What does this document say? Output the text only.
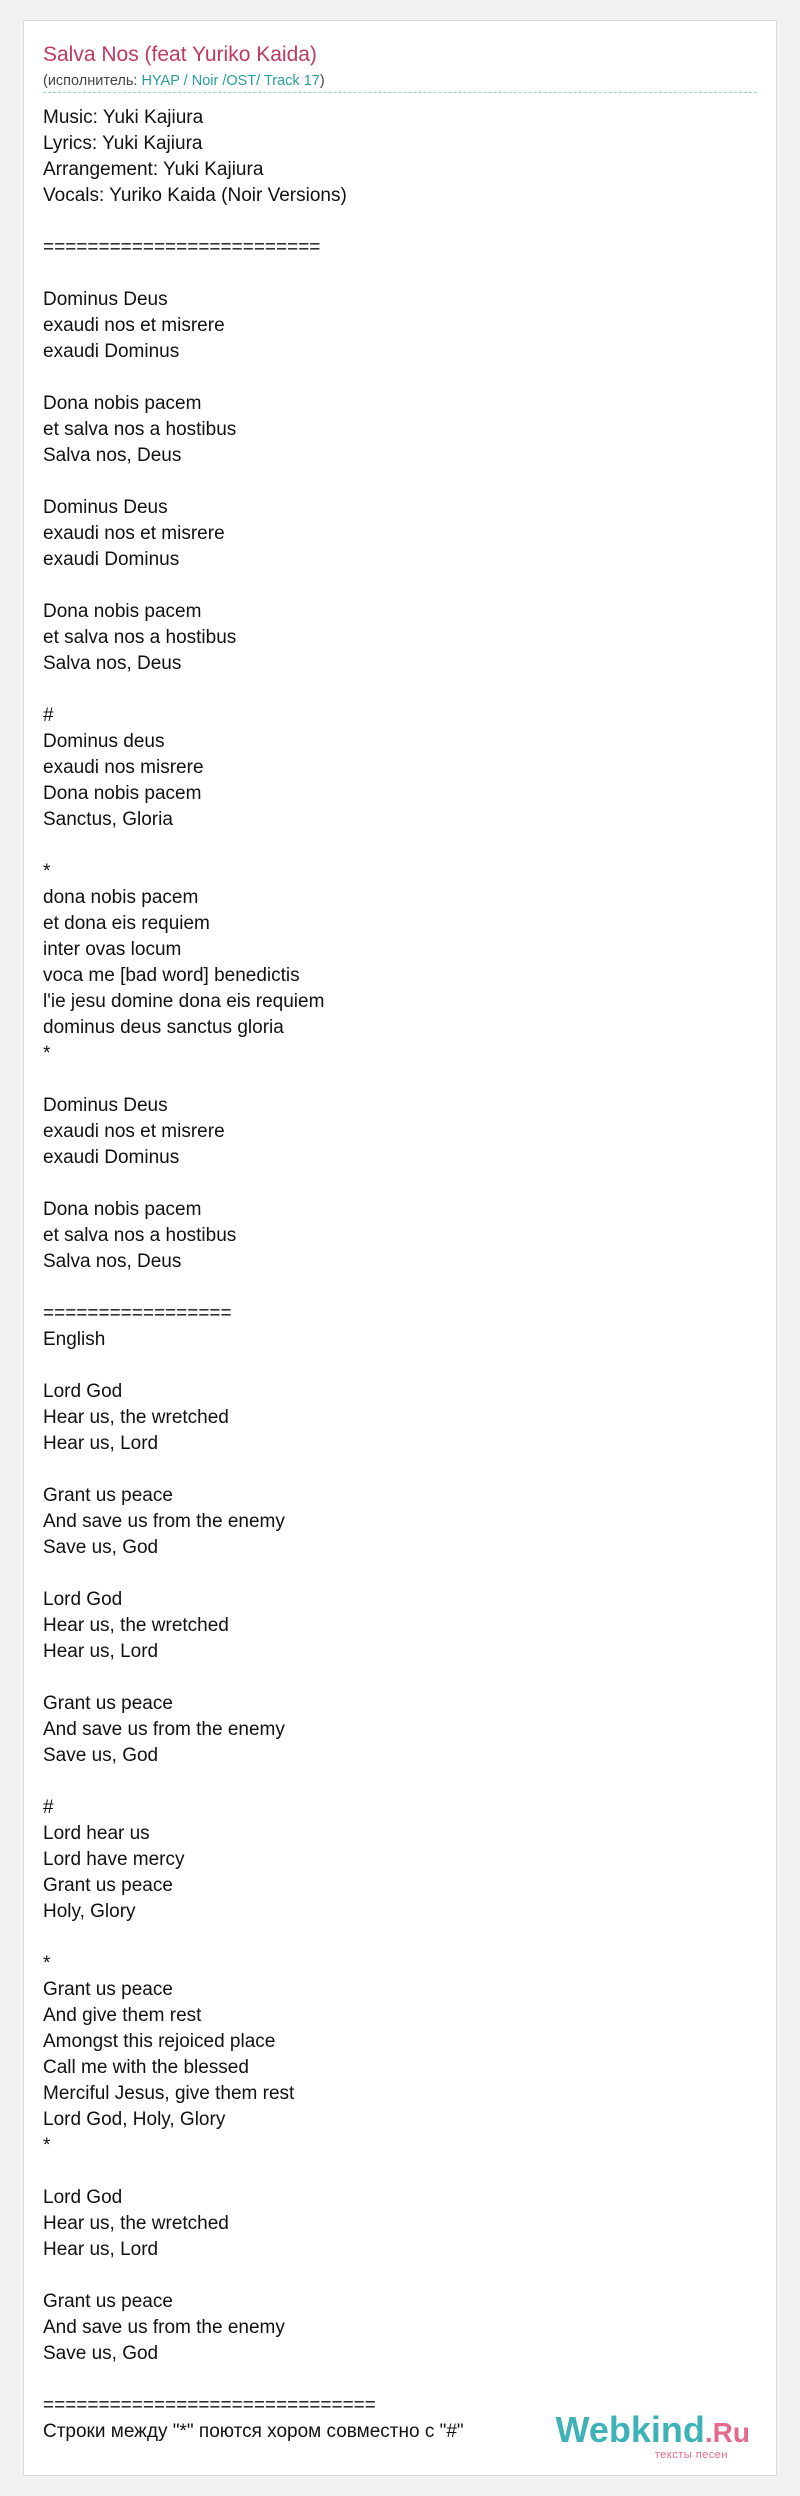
Salva Nos (feat Yuriko Kaida)
(исполнитель: HYAP / Noir /OST/ Track 17)
Music: Yuki Kajiura
Lyrics: Yuki Kajiura
Arrangement: Yuki Kajiura
Vocals: Yuriko Kaida (Noir Versions)
=========================
Dominus Deus
exaudi nos et misrere
exaudi Dominus
Dona nobis pacem
et salva nos a hostibus
Salva nos, Deus
Dominus Deus
exaudi nos et misrere
exaudi Dominus
Dona nobis pacem
et salva nos a hostibus
Salva nos, Deus
#
Dominus deus
exaudi nos misrere
Dona nobis pacem
Sanctus, Gloria
*
dona nobis pacem
et dona eis requiem
inter ovas locum
voca me [bad word] benedictis
l'ie jesu domine dona eis requiem
dominus deus sanctus gloria
*
Dominus Deus
exaudi nos et misrere
exaudi Dominus
Dona nobis pacem
et salva nos a hostibus
Salva nos, Deus
=================
English
Lord God
Hear us, the wretched
Hear us, Lord
Grant us peace
And save us from the enemy
Save us, God
Lord God
Hear us, the wretched
Hear us, Lord
Grant us peace
And save us from the enemy
Save us, God
#
Lord hear us
Lord have mercy
Grant us peace
Holy, Glory
*
Grant us peace
And give them rest
Amongst this rejoiced place
Call me with the blessed
Merciful Jesus, give them rest
Lord God, Holy, Glory
*
Lord God
Hear us, the wretched
Hear us, Lord
Grant us peace
And save us from the enemy
Save us, God
==============================
Строки между "*" поются хором совместно с "#"	Webkind.Ru
тексты песен
